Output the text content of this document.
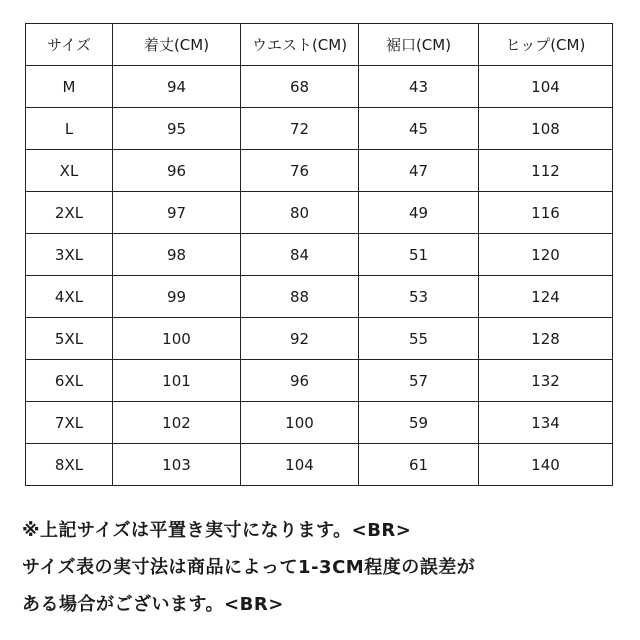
サイズ	着丈(CM)	ウエスト(CM)	裾口(CM)	ヒップ(CM)
M	94	68	43	104
L	95	72	45	108
XL	96	76	47	112
2XL	97	80	49	116
3XL	98	84	51	120
4XL	99	88	53	124
5XL	100	92	55	128
6XL	101	96	57	132
7XL	102	100	59	134
8XL	103	104	61	140
※上記サイズは平置き実寸になります。<BR>
サイズ表の実寸法は商品によって1-3CM程度の誤差が
ある場合がございます。<BR>
